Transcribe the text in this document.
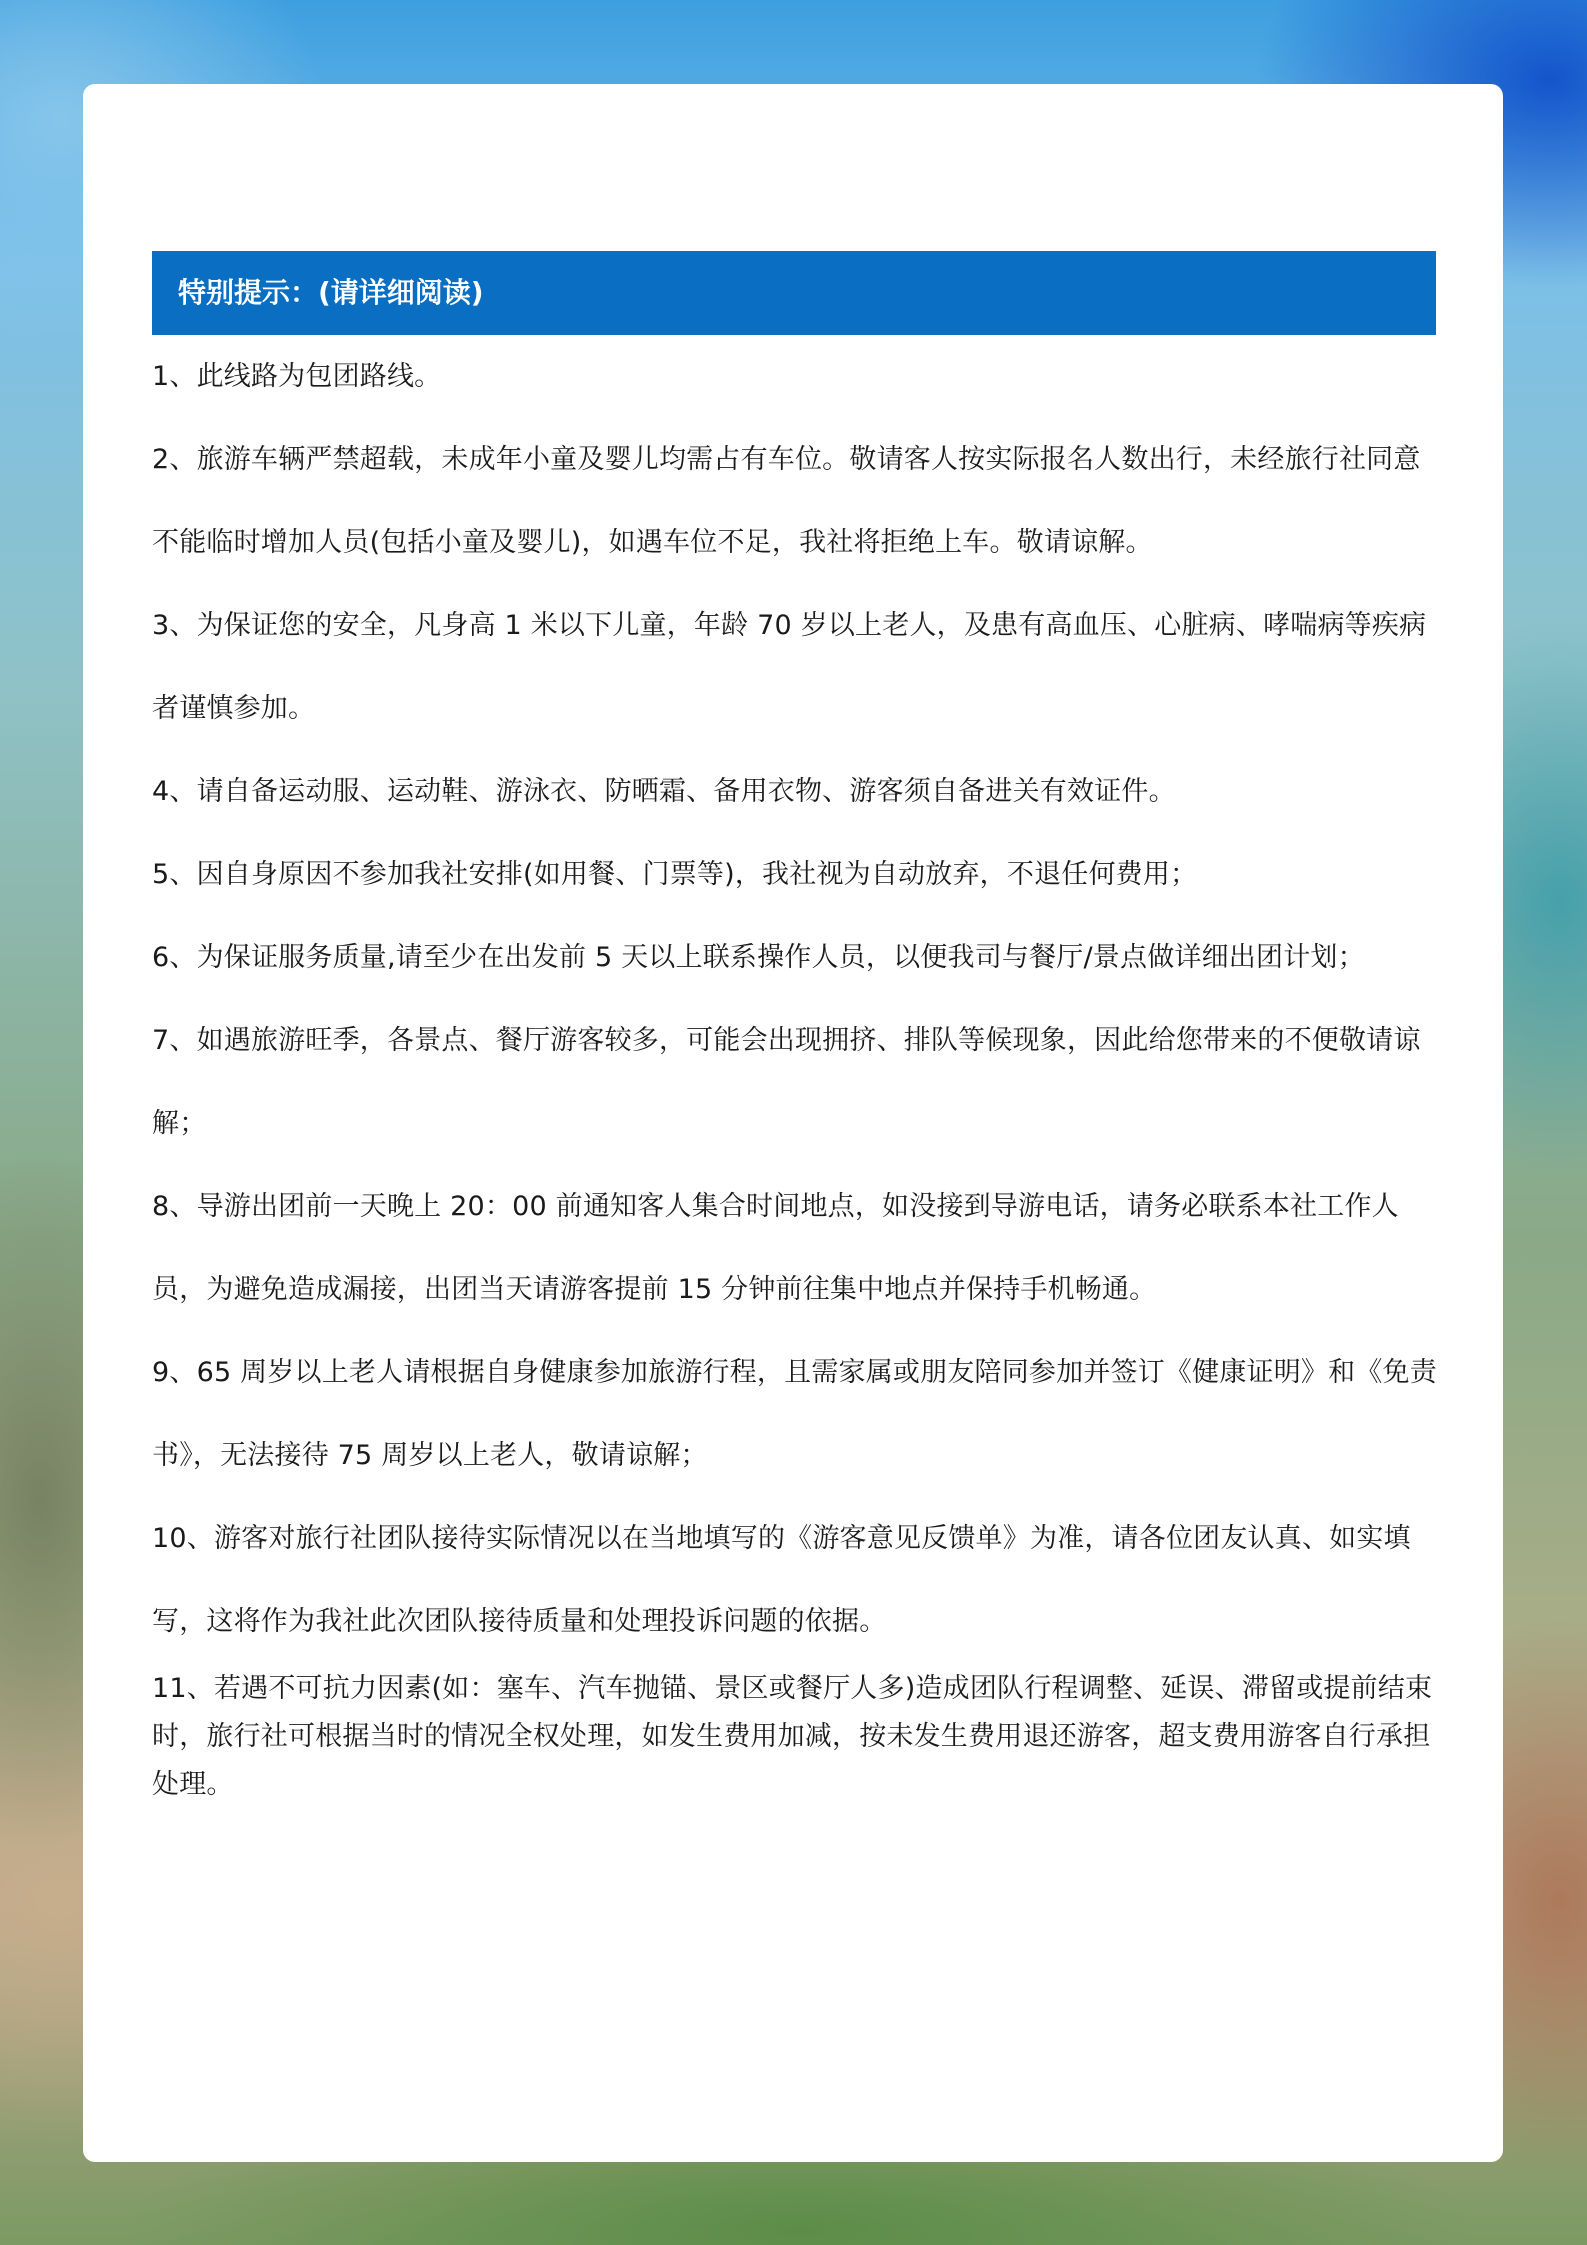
特别提示：(请详细阅读)

1、此线路为包团路线。

2、旅游车辆严禁超载，未成年小童及婴儿均需占有车位。敬请客人按实际报名人数出行，未经旅行社同意不能临时增加人员(包括小童及婴儿)，如遇车位不足，我社将拒绝上车。敬请谅解。

3、为保证您的安全，凡身高 1 米以下儿童，年龄 70 岁以上老人，及患有高血压、心脏病、哮喘病等疾病者谨慎参加。

4、请自备运动服、运动鞋、游泳衣、防晒霜、备用衣物、游客须自备进关有效证件。

5、因自身原因不参加我社安排(如用餐、门票等)，我社视为自动放弃，不退任何费用；

6、为保证服务质量,请至少在出发前 5 天以上联系操作人员，以便我司与餐厅/景点做详细出团计划；

7、如遇旅游旺季，各景点、餐厅游客较多，可能会出现拥挤、排队等候现象，因此给您带来的不便敬请谅解；

8、导游出团前一天晚上 20：00 前通知客人集合时间地点，如没接到导游电话，请务必联系本社工作人员，为避免造成漏接，出团当天请游客提前 15 分钟前往集中地点并保持手机畅通。

9、65 周岁以上老人请根据自身健康参加旅游行程，且需家属或朋友陪同参加并签订《健康证明》和《免责书》，无法接待 75 周岁以上老人，敬请谅解；

10、游客对旅行社团队接待实际情况以在当地填写的《游客意见反馈单》为准，请各位团友认真、如实填写，这将作为我社此次团队接待质量和处理投诉问题的依据。

11、若遇不可抗力因素(如：塞车、汽车抛锚、景区或餐厅人多)造成团队行程调整、延误、滞留或提前结束时，旅行社可根据当时的情况全权处理，如发生费用加减，按未发生费用退还游客，超支费用游客自行承担处理。
